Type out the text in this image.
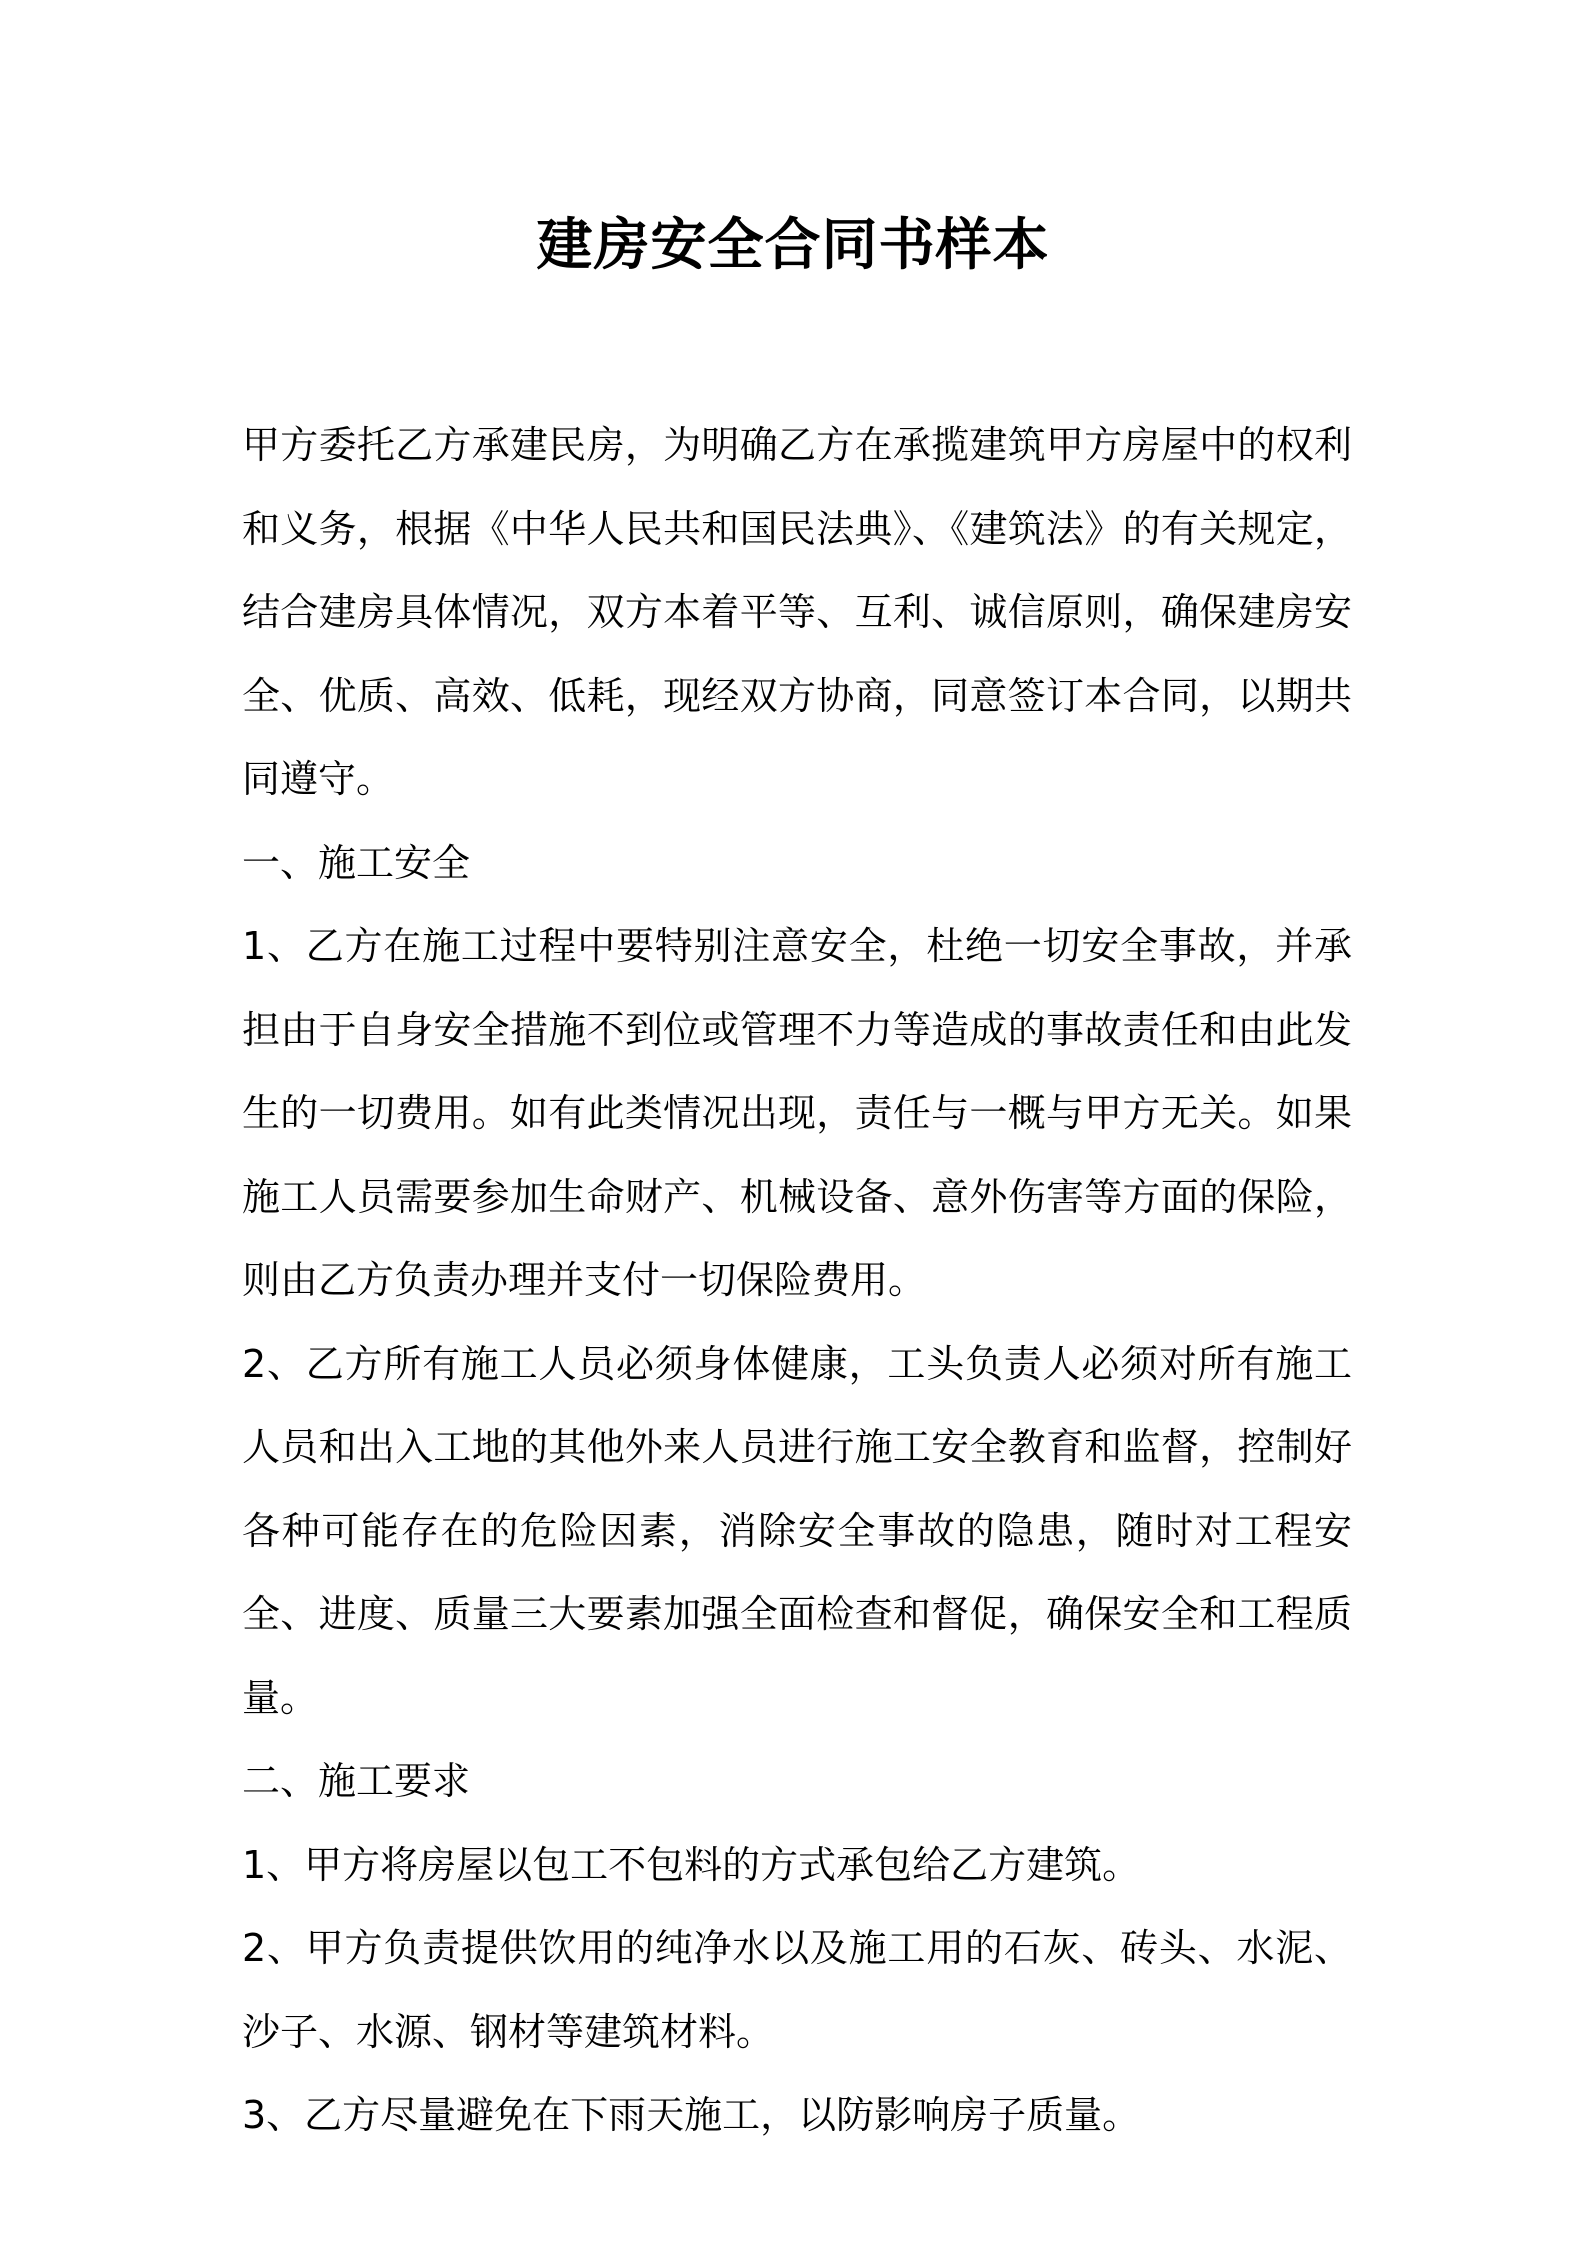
建房安全合同书样本

甲方委托乙方承建民房，为明确乙方在承揽建筑甲方房屋中的权利和义务，根据《中华人民共和国民法典》、《建筑法》的有关规定，结合建房具体情况，双方本着平等、互利、诚信原则，确保建房安全、优质、高效、低耗，现经双方协商，同意签订本合同，以期共同遵守。

一、施工安全

1、乙方在施工过程中要特别注意安全，杜绝一切安全事故，并承担由于自身安全措施不到位或管理不力等造成的事故责任和由此发生的一切费用。如有此类情况出现，责任与一概与甲方无关。如果施工人员需要参加生命财产、机械设备、意外伤害等方面的保险，则由乙方负责办理并支付一切保险费用。

2、乙方所有施工人员必须身体健康，工头负责人必须对所有施工人员和出入工地的其他外来人员进行施工安全教育和监督，控制好各种可能存在的危险因素，消除安全事故的隐患，随时对工程安全、进度、质量三大要素加强全面检查和督促，确保安全和工程质量。

二、施工要求

1、甲方将房屋以包工不包料的方式承包给乙方建筑。

2、甲方负责提供饮用的纯净水以及施工用的石灰、砖头、水泥、沙子、水源、钢材等建筑材料。

3、乙方尽量避免在下雨天施工，以防影响房子质量。
